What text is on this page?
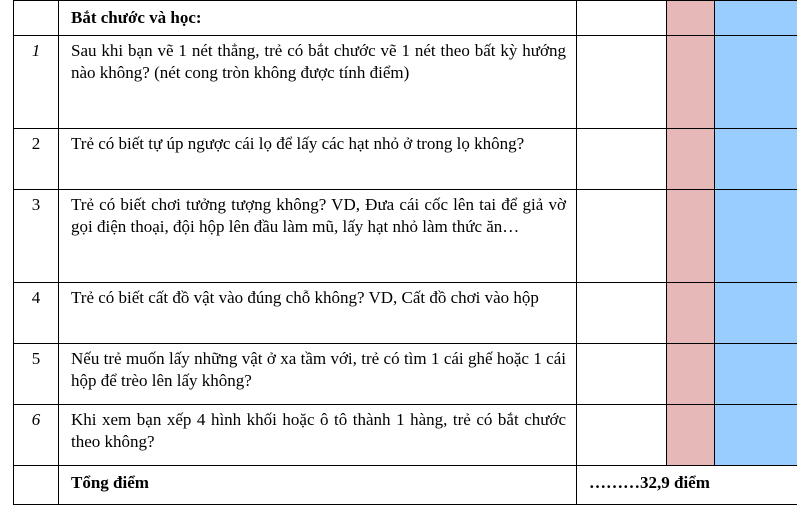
	Bắt chước và học:			
1	Sau khi bạn vẽ 1 nét thẳng, trẻ có bắt chước vẽ 1 nét theo bất kỳ hướng nào không? (nét cong tròn không được tính điểm)			
2	Trẻ có biết tự úp ngược cái lọ để lấy các hạt nhỏ ở trong lọ không?			
3	Trẻ có biết chơi tưởng tượng không? VD, Đưa cái cốc lên tai để giả vờ gọi điện thoại, đội hộp lên đầu làm mũ, lấy hạt nhỏ làm thức ăn…			
4	Trẻ có biết cất đồ vật vào đúng chỗ không? VD, Cất đồ chơi vào hộp			
5	Nếu trẻ muốn lấy những vật ở xa tầm với, trẻ có tìm 1 cái ghế hoặc 1 cái hộp để trèo lên lấy không?			
6	Khi xem bạn xếp 4 hình khối hoặc ô tô thành 1 hàng, trẻ có bắt chước theo không?			
	Tổng điểm	………32,9 điểm		
